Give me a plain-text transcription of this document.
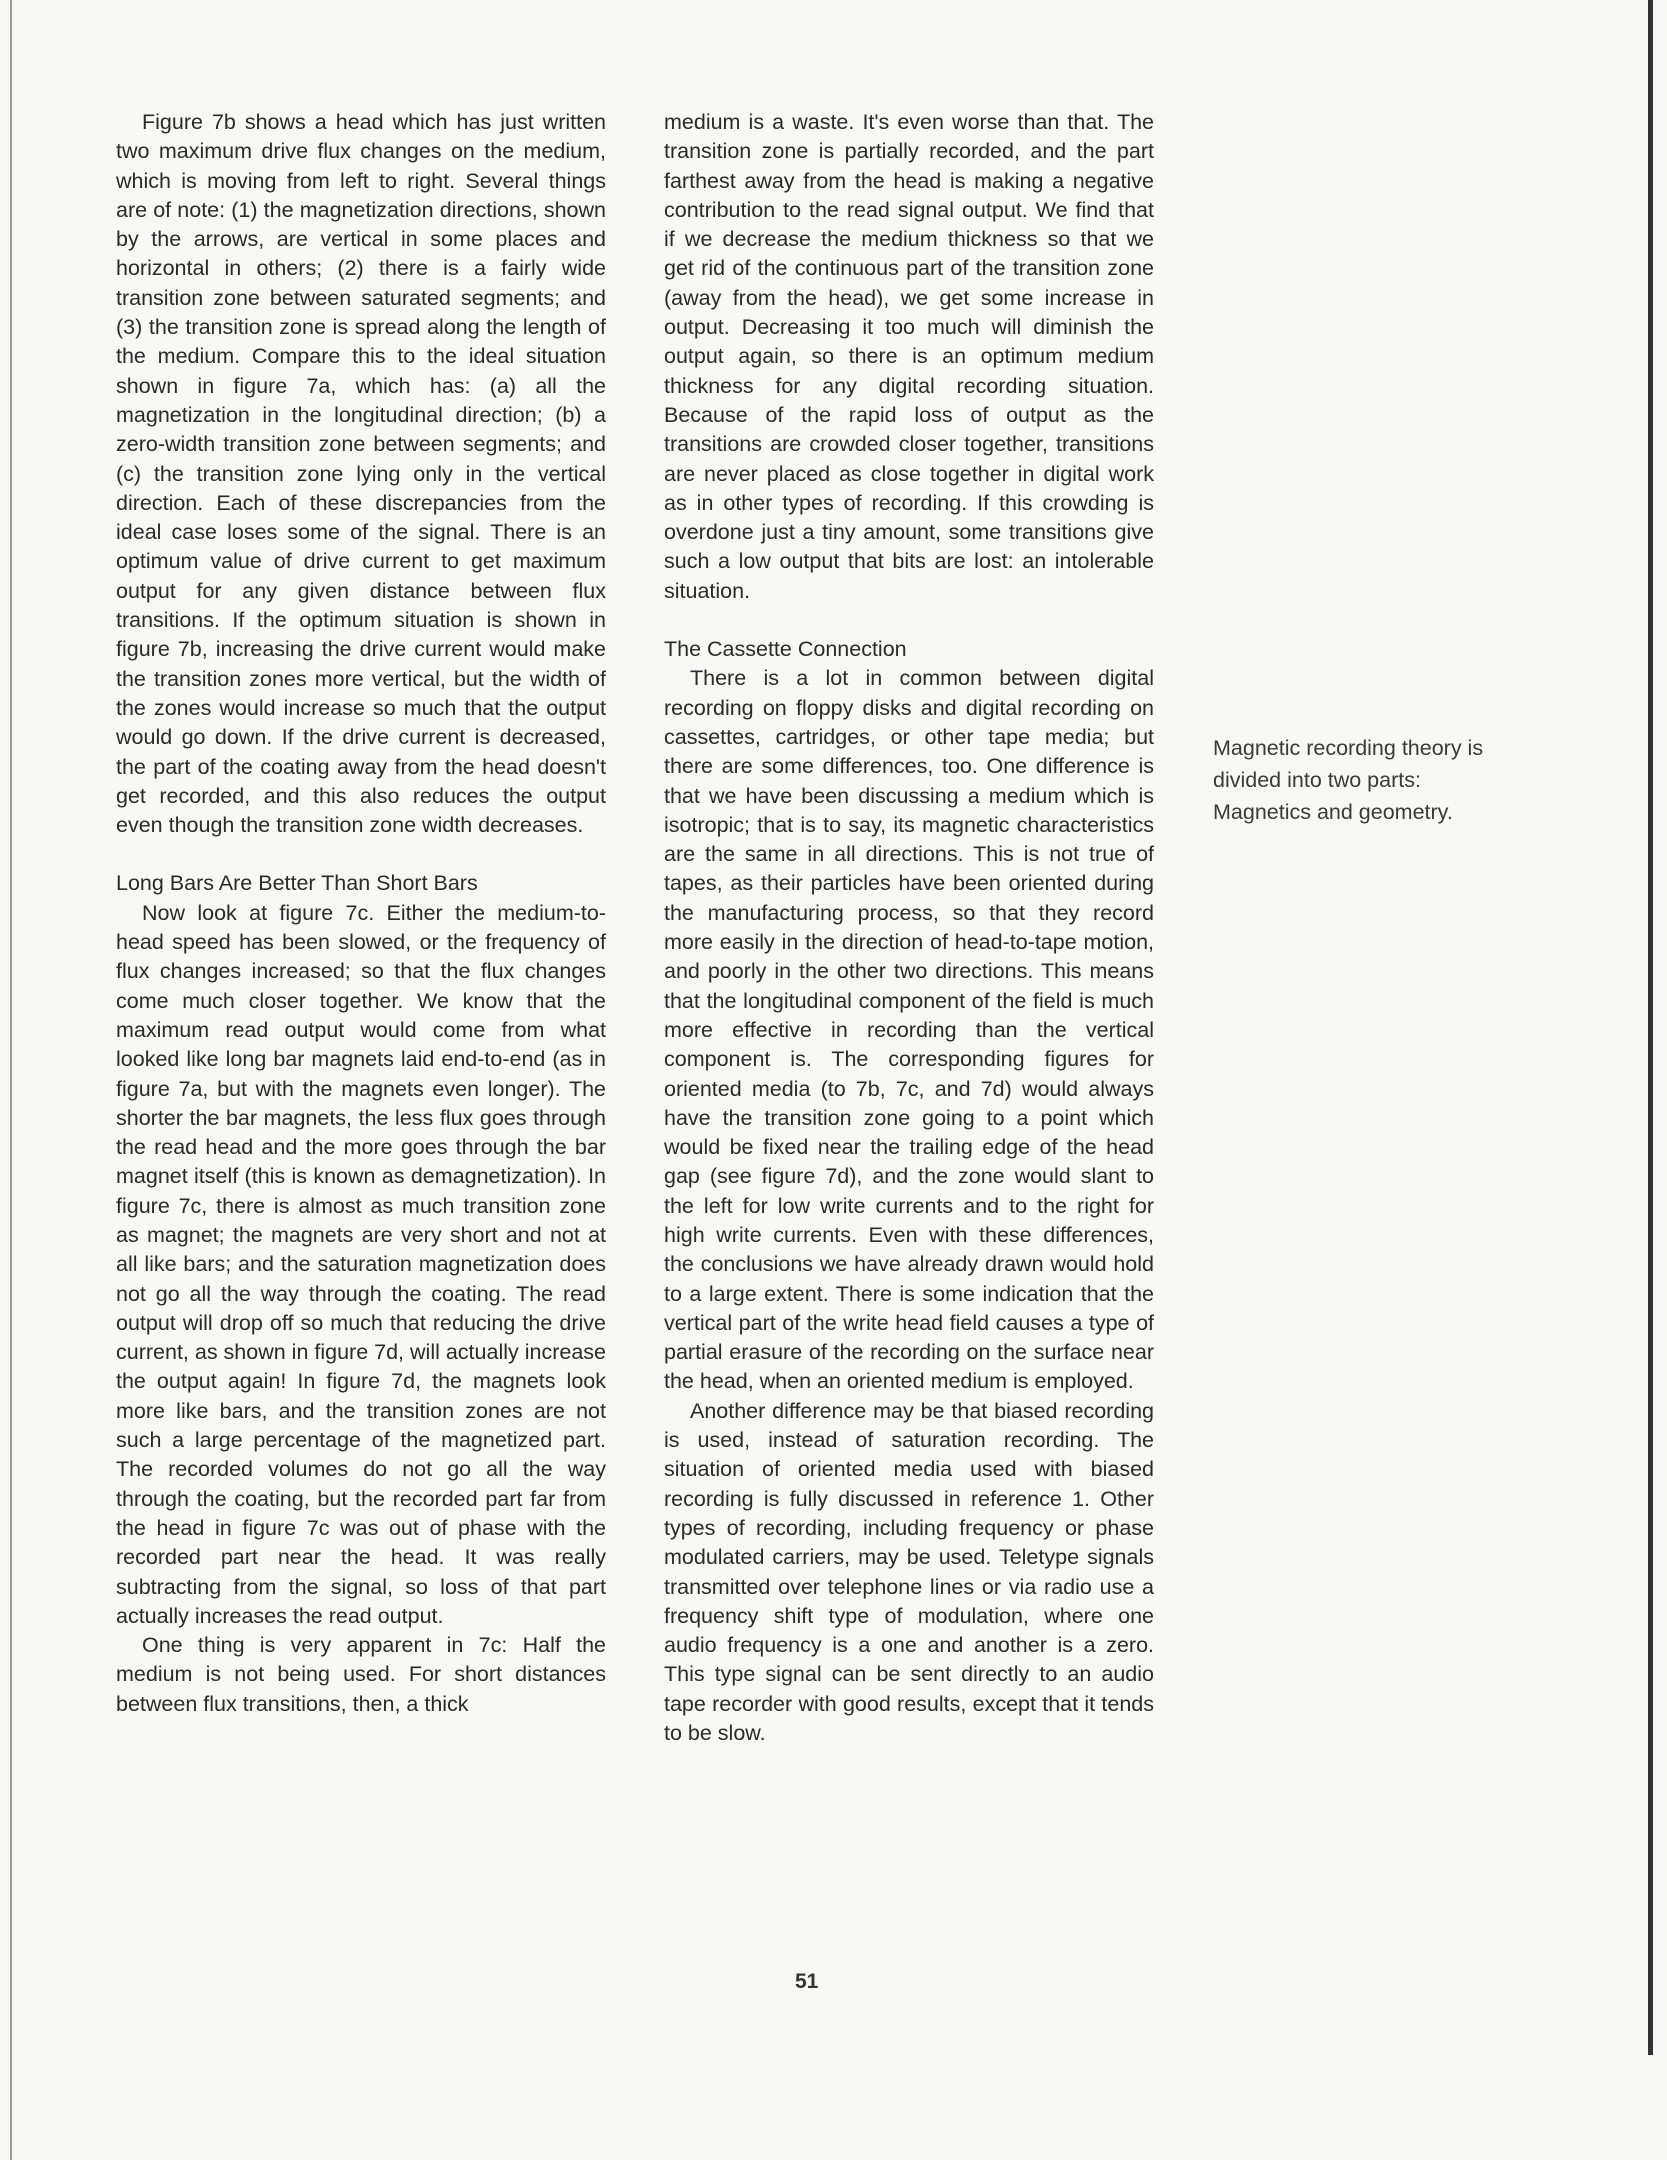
Figure 7b shows a head which has just written two maximum drive flux changes on the medium, which is moving from left to right. Several things are of note: (1) the magnetization directions, shown by the arrows, are vertical in some places and horizontal in others; (2) there is a fairly wide transition zone between saturated segments; and (3) the transition zone is spread along the length of the medium. Compare this to the ideal situation shown in figure 7a, which has: (a) all the magnetization in the longitudinal direction; (b) a zero-width transition zone between segments; and (c) the transition zone lying only in the vertical direction. Each of these discrepancies from the ideal case loses some of the signal. There is an optimum value of drive current to get maximum output for any given distance between flux transitions. If the optimum situation is shown in figure 7b, increasing the drive current would make the transition zones more vertical, but the width of the zones would increase so much that the output would go down. If the drive current is decreased, the part of the coating away from the head doesn't get recorded, and this also reduces the output even though the transition zone width decreases.

Long Bars Are Better Than Short Bars

Now look at figure 7c. Either the medium-to-head speed has been slowed, or the frequency of flux changes increased; so that the flux changes come much closer together. We know that the maximum read output would come from what looked like long bar magnets laid end-to-end (as in figure 7a, but with the magnets even longer). The shorter the bar magnets, the less flux goes through the read head and the more goes through the bar magnet itself (this is known as demagnetization). In figure 7c, there is almost as much transition zone as magnet; the magnets are very short and not at all like bars; and the saturation magnetization does not go all the way through the coating. The read output will drop off so much that reducing the drive current, as shown in figure 7d, will actually increase the output again! In figure 7d, the magnets look more like bars, and the transition zones are not such a large percentage of the magnetized part. The recorded volumes do not go all the way through the coating, but the recorded part far from the head in figure 7c was out of phase with the recorded part near the head. It was really subtracting from the signal, so loss of that part actually increases the read output.

One thing is very apparent in 7c: Half the medium is not being used. For short distances between flux transitions, then, a thick

medium is a waste. It's even worse than that. The transition zone is partially recorded, and the part farthest away from the head is making a negative contribution to the read signal output. We find that if we decrease the medium thickness so that we get rid of the continuous part of the transition zone (away from the head), we get some increase in output. Decreasing it too much will diminish the output again, so there is an optimum medium thickness for any digital recording situation. Because of the rapid loss of output as the transitions are crowded closer together, transitions are never placed as close together in digital work as in other types of recording. If this crowding is overdone just a tiny amount, some transitions give such a low output that bits are lost: an intolerable situation.

The Cassette Connection

There is a lot in common between digital recording on floppy disks and digital recording on cassettes, cartridges, or other tape media; but there are some differences, too. One difference is that we have been discussing a medium which is isotropic; that is to say, its magnetic characteristics are the same in all directions. This is not true of tapes, as their particles have been oriented during the manufacturing process, so that they record more easily in the direction of head-to-tape motion, and poorly in the other two directions. This means that the longitudinal component of the field is much more effective in recording than the vertical component is. The corresponding figures for oriented media (to 7b, 7c, and 7d) would always have the transition zone going to a point which would be fixed near the trailing edge of the head gap (see figure 7d), and the zone would slant to the left for low write currents and to the right for high write currents. Even with these differences, the conclusions we have already drawn would hold to a large extent. There is some indication that the vertical part of the write head field causes a type of partial erasure of the recording on the surface near the head, when an oriented medium is employed.

Another difference may be that biased recording is used, instead of saturation recording. The situation of oriented media used with biased recording is fully discussed in reference 1. Other types of recording, including frequency or phase modulated carriers, may be used. Teletype signals transmitted over telephone lines or via radio use a frequency shift type of modulation, where one audio frequency is a one and another is a zero. This type signal can be sent directly to an audio tape recorder with good results, except that it tends to be slow.

Magnetic recording theory is divided into two parts: Magnetics and geometry.
51
